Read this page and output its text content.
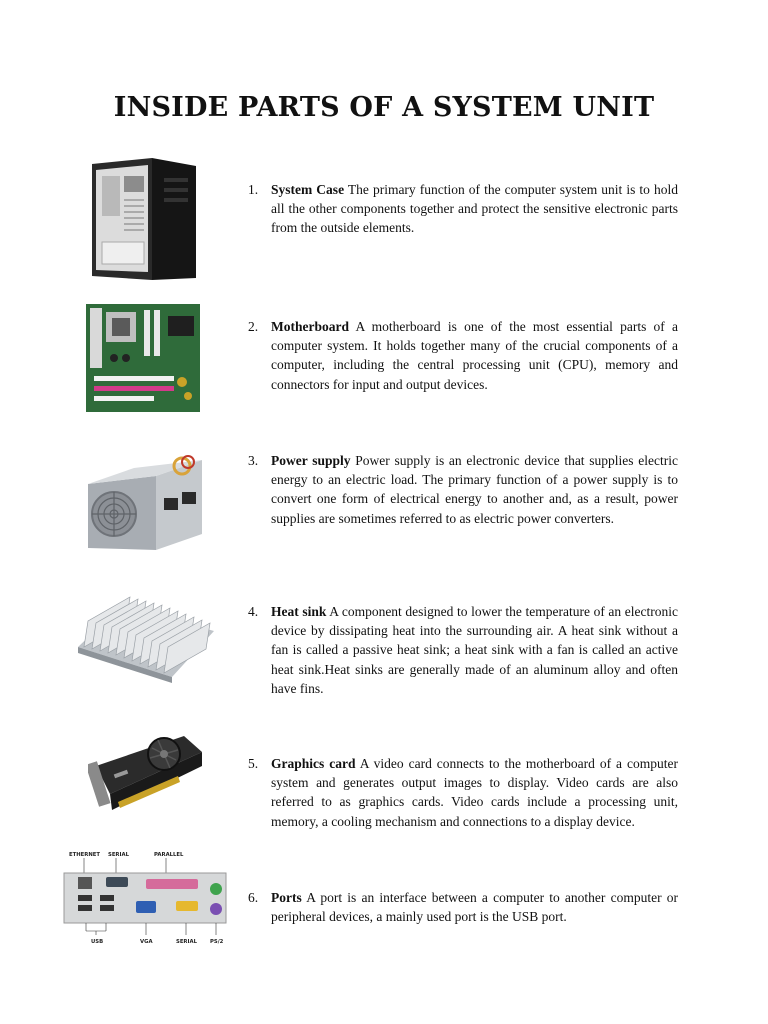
INSIDE PARTS OF A SYSTEM UNIT
1. System Case The primary function of the computer system unit is to hold all the other components together and protect the sensitive electronic parts from the outside elements.
2. Motherboard A motherboard is one of the most essential parts of a computer system. It holds together many of the crucial components of a computer, including the central processing unit (CPU), memory and connectors for input and output devices.
3. Power supply Power supply is an electronic device that supplies electric energy to an electric load. The primary function of a power supply is to convert one form of electrical energy to another and, as a result, power supplies are sometimes referred to as electric power converters.
4. Heat sink A component designed to lower the temperature of an electronic device by dissipating heat into the surrounding air. A heat sink without a fan is called a passive heat sink; a heat sink with a fan is called an active heat sink.Heat sinks are generally made of an aluminum alloy and often have fins.
5. Graphics card A video card connects to the motherboard of a computer system and generates output images to display. Video cards are also referred to as graphics cards. Video cards include a processing unit, memory, a cooling mechanism and connections to a display device.
ETHERNET SERIAL	PARALLEL
USB	VGA	SERIAL PS/2
6. Ports A port is an interface between a computer to another computer or peripheral devices, a mainly used port is the USB port.
